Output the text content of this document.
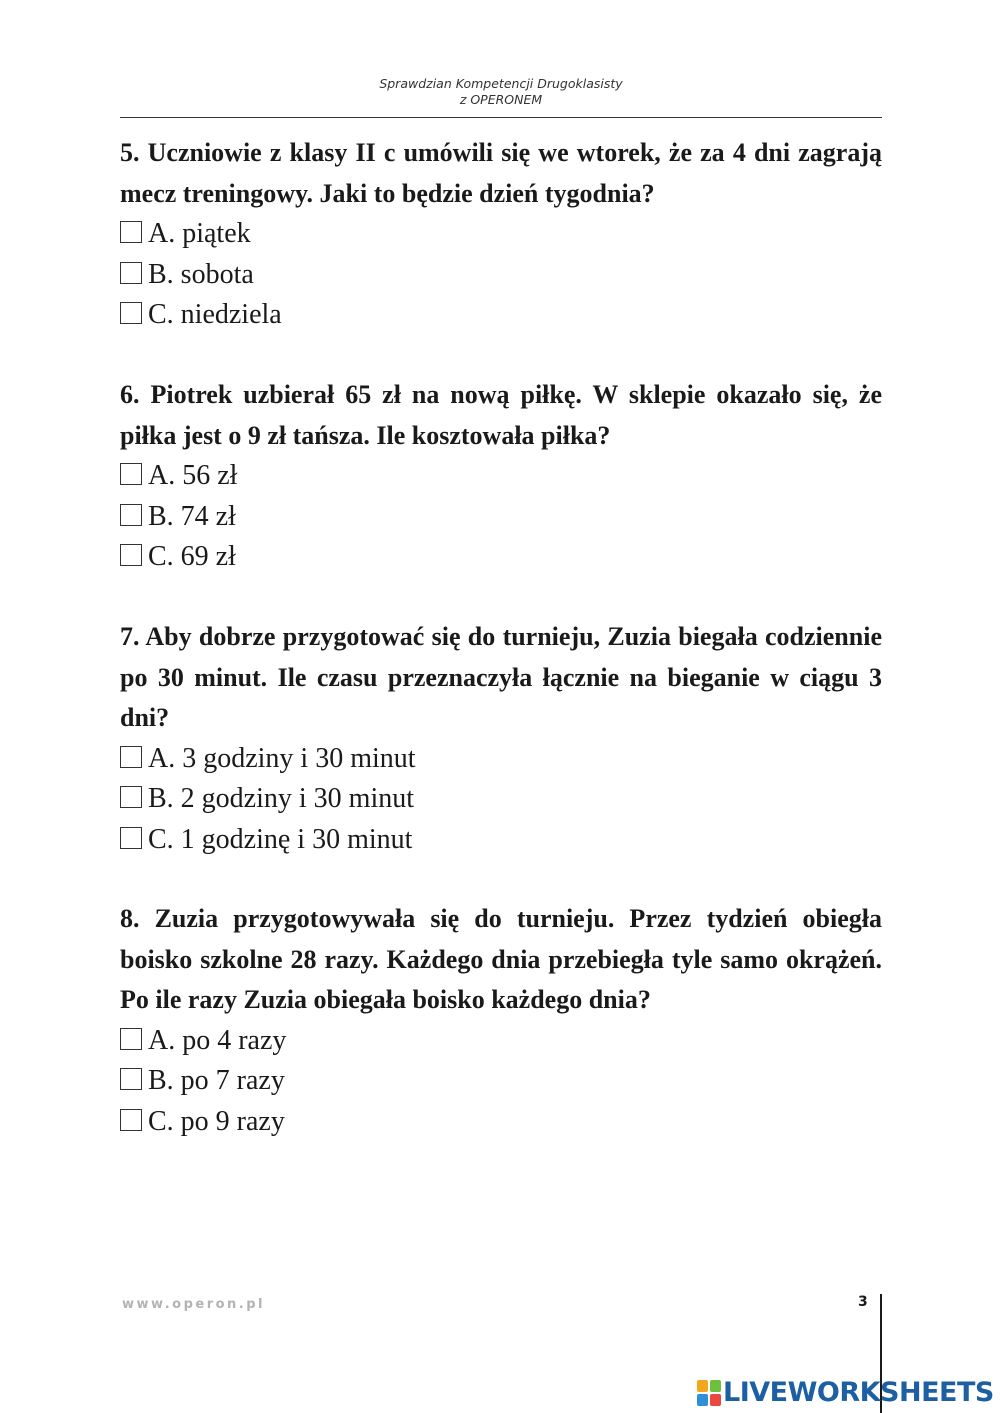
Sprawdzian Kompetencji Drugoklasisty
z OPERONEM

5. Uczniowie z klasy II c umówili się we wtorek, że za 4 dni zagrają mecz treningowy. Jaki to będzie dzień tygodnia?

A. piątek
B. sobota
C. niedziela

6. Piotrek uzbierał 65 zł na nową piłkę. W sklepie okazało się, że piłka jest o 9 zł tańsza. Ile kosztowała piłka?

A. 56 zł
B. 74 zł
C. 69 zł

7. Aby dobrze przygotować się do turnieju, Zuzia biegała codziennie po 30 minut. Ile czasu przeznaczyła łącznie na bieganie w ciągu 3 dni?

A. 3 godziny i 30 minut
B. 2 godziny i 30 minut
C. 1 godzinę i 30 minut

8. Zuzia przygotowywała się do turnieju. Przez tydzień obiegła boisko szkolne 28 razy. Każdego dnia przebiegła tyle samo okrążeń. Po ile razy Zuzia obiegała boisko każdego dnia?

A. po 4 razy
B. po 7 razy
C. po 9 razy
www.operon.pl	3
LIVEWORKSHEETS
